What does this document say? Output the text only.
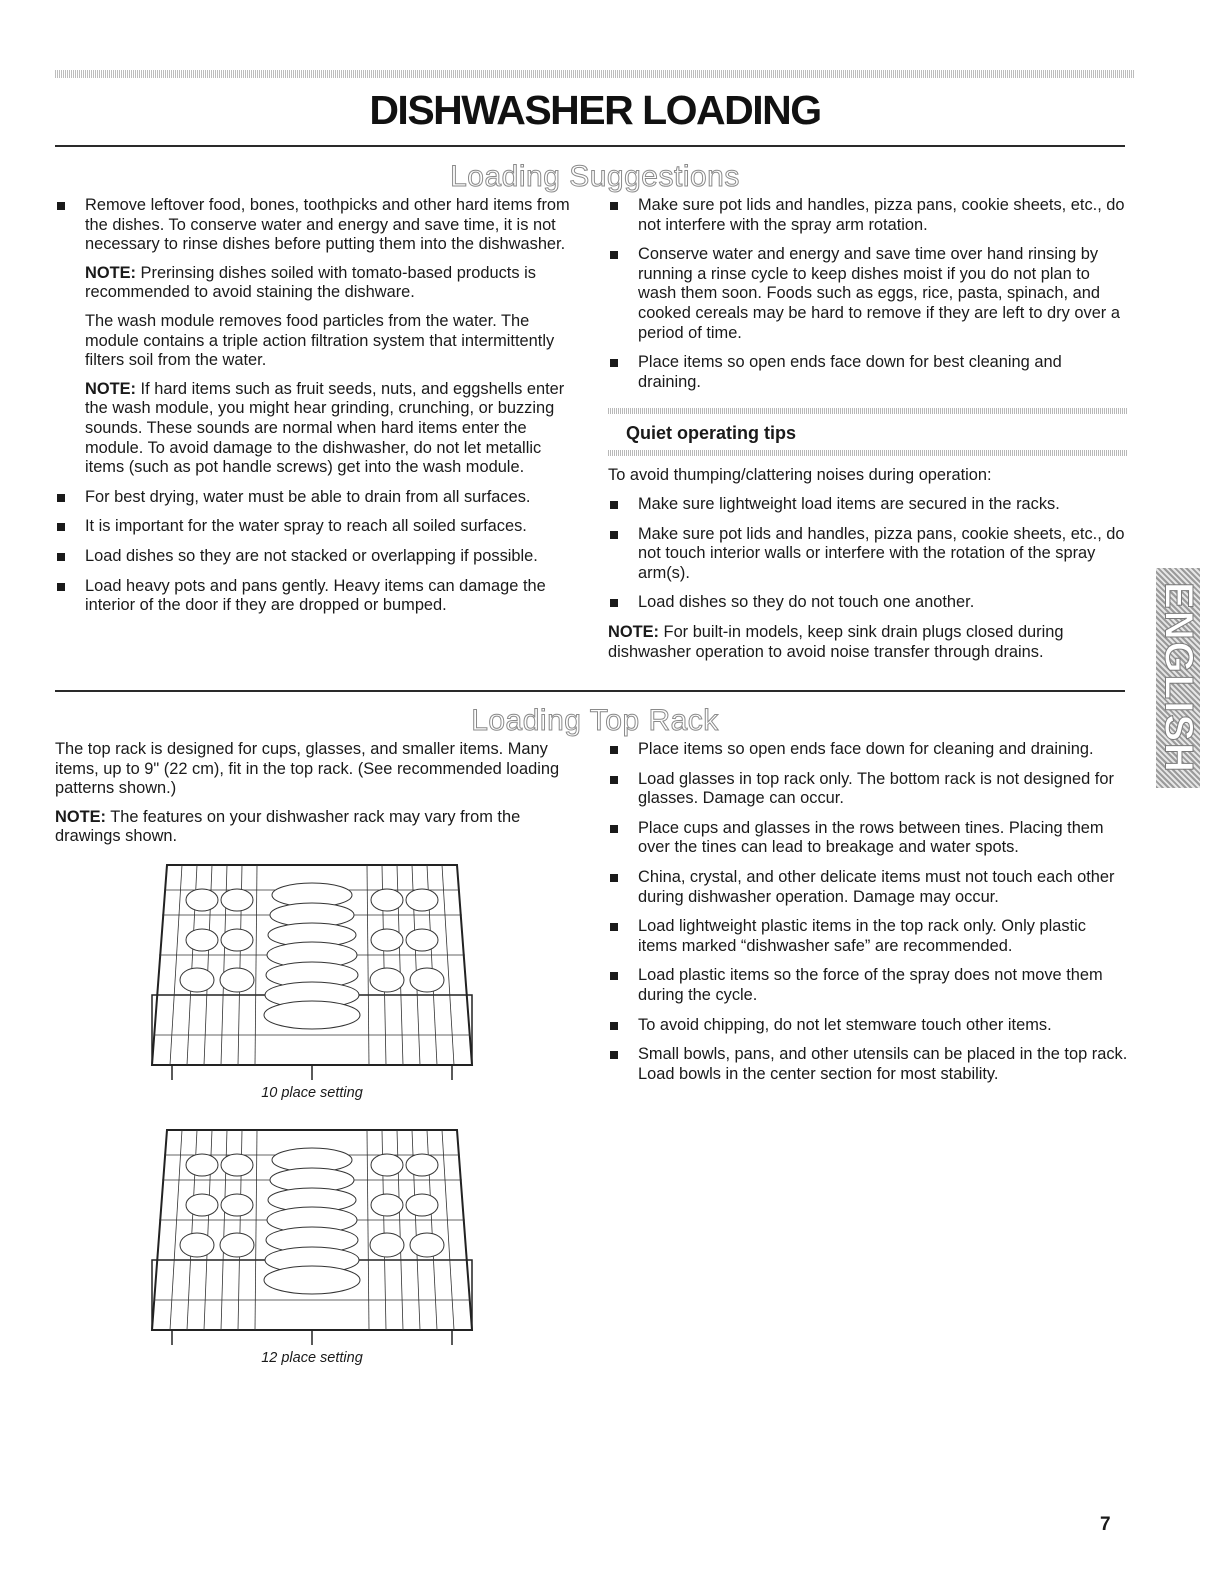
DISHWASHER LOADING
Loading Suggestions

Remove leftover food, bones, toothpicks and other hard items from the dishes. To conserve water and energy and save time, it is not necessary to rinse dishes before putting them into the dishwasher.

NOTE: Prerinsing dishes soiled with tomato-based products is recommended to avoid staining the dishware.

The wash module removes food particles from the water. The module contains a triple action filtration system that intermittently filters soil from the water.

NOTE: If hard items such as fruit seeds, nuts, and eggshells enter the wash module, you might hear grinding, crunching, or buzzing sounds. These sounds are normal when hard items enter the module. To avoid damage to the dishwasher, do not let metallic items (such as pot handle screws) get into the wash module.

For best drying, water must be able to drain from all surfaces.
It is important for the water spray to reach all soiled surfaces.
Load dishes so they are not stacked or overlapping if possible.
Load heavy pots and pans gently. Heavy items can damage the interior of the door if they are dropped or bumped.
Make sure pot lids and handles, pizza pans, cookie sheets, etc., do not interfere with the spray arm rotation.
Conserve water and energy and save time over hand rinsing by running a rinse cycle to keep dishes moist if you do not plan to wash them soon. Foods such as eggs, rice, pasta, spinach, and cooked cereals may be hard to remove if they are left to dry over a period of time.
Place items so open ends face down for best cleaning and draining.
Quiet operating tips

To avoid thumping/clattering noises during operation:

Make sure lightweight load items are secured in the racks.
Make sure pot lids and handles, pizza pans, cookie sheets, etc., do not touch interior walls or interfere with the rotation of the spray arm(s).
Load dishes so they do not touch one another.

NOTE: For built-in models, keep sink drain plugs closed during dishwasher operation to avoid noise transfer through drains.

Loading Top Rack

The top rack is designed for cups, glasses, and smaller items. Many items, up to 9" (22 cm), fit in the top rack. (See recommended loading patterns shown.)

NOTE: The features on your dishwasher rack may vary from the drawings shown.

10 place setting
12 place setting
Place items so open ends face down for cleaning and draining.
Load glasses in top rack only. The bottom rack is not designed for glasses. Damage can occur.
Place cups and glasses in the rows between tines. Placing them over the tines can lead to breakage and water spots.
China, crystal, and other delicate items must not touch each other during dishwasher operation. Damage may occur.
Load lightweight plastic items in the top rack only. Only plastic items marked “dishwasher safe” are recommended.
Load plastic items so the force of the spray does not move them during the cycle.
To avoid chipping, do not let stemware touch other items.
Small bowls, pans, and other utensils can be placed in the top rack. Load bowls in the center section for most stability.
ENGLISH
7
